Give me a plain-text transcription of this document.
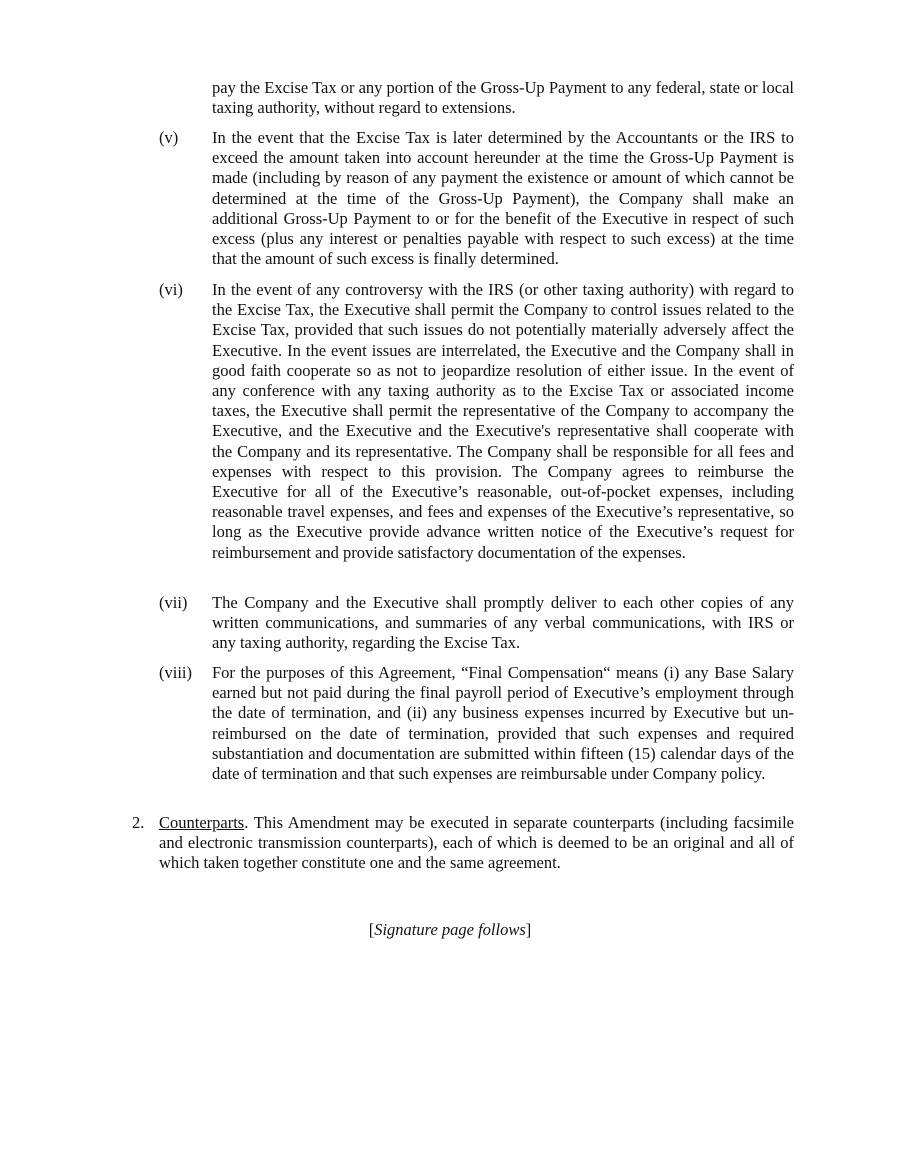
pay the Excise Tax or any portion of the Gross-Up Payment to any federal, state or local taxing authority, without regard to extensions.

(v) In the event that the Excise Tax is later determined by the Accountants or the IRS to exceed the amount taken into account hereunder at the time the Gross-Up Payment is made (including by reason of any payment the existence or amount of which cannot be determined at the time of the Gross-Up Payment), the Company shall make an additional Gross-Up Payment to or for the benefit of the Executive in respect of such excess (plus any interest or penalties payable with respect to such excess) at the time that the amount of such excess is finally determined.

(vi) In the event of any controversy with the IRS (or other taxing authority) with regard to the Excise Tax, the Executive shall permit the Company to control issues related to the Excise Tax, provided that such issues do not potentially materially adversely affect the Executive. In the event issues are interrelated, the Executive and the Company shall in good faith cooperate so as not to jeopardize resolution of either issue. In the event of any conference with any taxing authority as to the Excise Tax or associated income taxes, the Executive shall permit the representative of the Company to accompany the Executive, and the Executive and the Executive's representative shall cooperate with the Company and its representative. The Company shall be responsible for all fees and expenses with respect to this provision. The Company agrees to reimburse the Executive for all of the Executive’s reasonable, out-of-pocket expenses, including reasonable travel expenses, and fees and expenses of the Executive’s representative, so long as the Executive provide advance written notice of the Executive’s request for reimbursement and provide satisfactory documentation of the expenses.

(vii) The Company and the Executive shall promptly deliver to each other copies of any written communications, and summaries of any verbal communications, with IRS or any taxing authority, regarding the Excise Tax.

(viii) For the purposes of this Agreement, “Final Compensation“ means (i) any Base Salary earned but not paid during the final payroll period of Executive’s employment through the date of termination, and (ii) any business expenses incurred by Executive but un-reimbursed on the date of termination, provided that such expenses and required substantiation and documentation are submitted within fifteen (15) calendar days of the date of termination and that such expenses are reimbursable under Company policy.

2. Counterparts. This Amendment may be executed in separate counterparts (including facsimile and electronic transmission counterparts), each of which is deemed to be an original and all of which taken together constitute one and the same agreement.

[Signature page follows]
